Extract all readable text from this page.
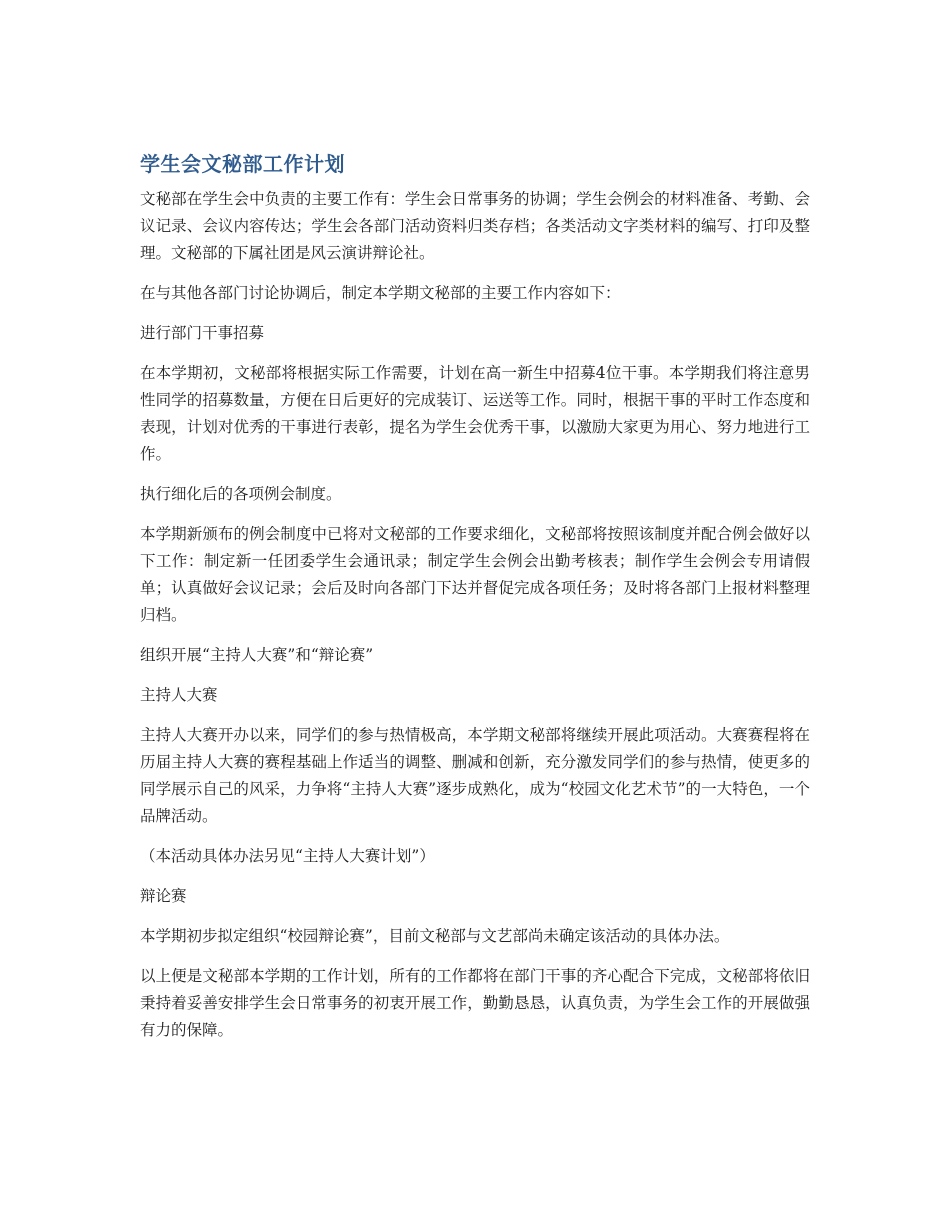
学生会文秘部工作计划

文秘部在学生会中负责的主要工作有：学生会日常事务的协调；学生会例会的材料准备、考勤、会议记录、会议内容传达；学生会各部门活动资料归类存档；各类活动文字类材料的编写、打印及整理。文秘部的下属社团是风云演讲辩论社。

在与其他各部门讨论协调后，制定本学期文秘部的主要工作内容如下：

进行部门干事招募

在本学期初，文秘部将根据实际工作需要，计划在高一新生中招募4位干事。本学期我们将注意男性同学的招募数量，方便在日后更好的完成装订、运送等工作。同时，根据干事的平时工作态度和表现，计划对优秀的干事进行表彰，提名为学生会优秀干事，以激励大家更为用心、努力地进行工作。

执行细化后的各项例会制度。

本学期新颁布的例会制度中已将对文秘部的工作要求细化，文秘部将按照该制度并配合例会做好以下工作：制定新一任团委学生会通讯录；制定学生会例会出勤考核表；制作学生会例会专用请假单；认真做好会议记录；会后及时向各部门下达并督促完成各项任务；及时将各部门上报材料整理归档。

组织开展“主持人大赛”和“辩论赛”

主持人大赛

主持人大赛开办以来，同学们的参与热情极高，本学期文秘部将继续开展此项活动。大赛赛程将在历届主持人大赛的赛程基础上作适当的调整、删减和创新，充分激发同学们的参与热情，使更多的同学展示自己的风采，力争将“主持人大赛”逐步成熟化，成为“校园文化艺术节”的一大特色，一个品牌活动。

（本活动具体办法另见“主持人大赛计划”）

辩论赛

本学期初步拟定组织“校园辩论赛”，目前文秘部与文艺部尚未确定该活动的具体办法。

以上便是文秘部本学期的工作计划，所有的工作都将在部门干事的齐心配合下完成，文秘部将依旧秉持着妥善安排学生会日常事务的初衷开展工作，勤勤恳恳，认真负责，为学生会工作的开展做强有力的保障。
